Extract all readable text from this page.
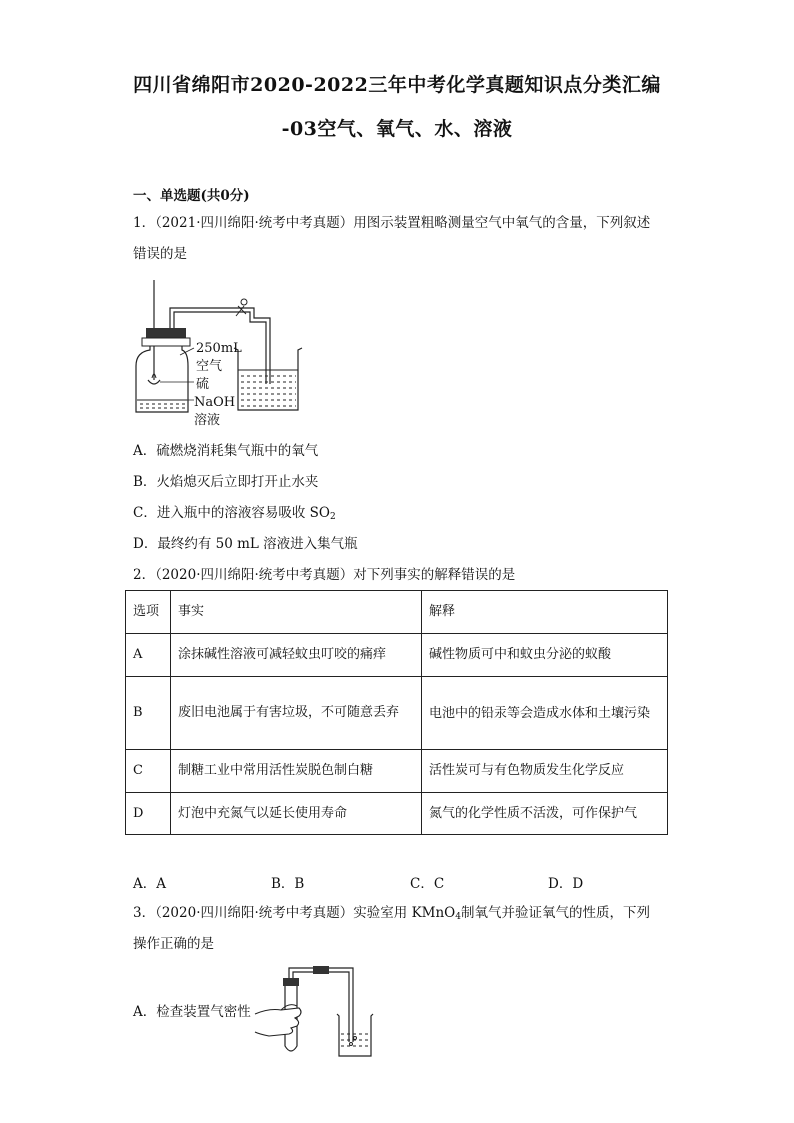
四川省绵阳市2020-2022三年中考化学真题知识点分类汇编
-03空气、氧气、水、溶液
一、单选题(共0分)
1．（2021·四川绵阳·统考中考真题）用图示装置粗略测量空气中氧气的含量，下列叙述
错误的是
250mL
空气
硫
NaOH
溶液
A．硫燃烧消耗集气瓶中的氧气
B．火焰熄灭后立即打开止水夹
C．进入瓶中的溶液容易吸收 $SO_2$
D．最终约有 50 mL 溶液进入集气瓶
2．（2020·四川绵阳·统考中考真题）对下列事实的解释错误的是
选项	事实	解释
A	涂抹碱性溶液可减轻蚊虫叮咬的痛痒	碱性物质可中和蚊虫分泌的蚁酸
B	废旧电池属于有害垃圾，不可随意丢弃	电池中的铅汞等会造成水体和土壤污染
C	制糖工业中常用活性炭脱色制白糖	活性炭可与有色物质发生化学反应
D	灯泡中充氮气以延长使用寿命	氮气的化学性质不活泼，可作保护气
A．A	B．B	C．C	D．D
3．（2020·四川绵阳·统考中考真题）实验室用 KMnO$_4$制氧气并验证氧气的性质，下列
操作正确的是
A．检查装置气密性
